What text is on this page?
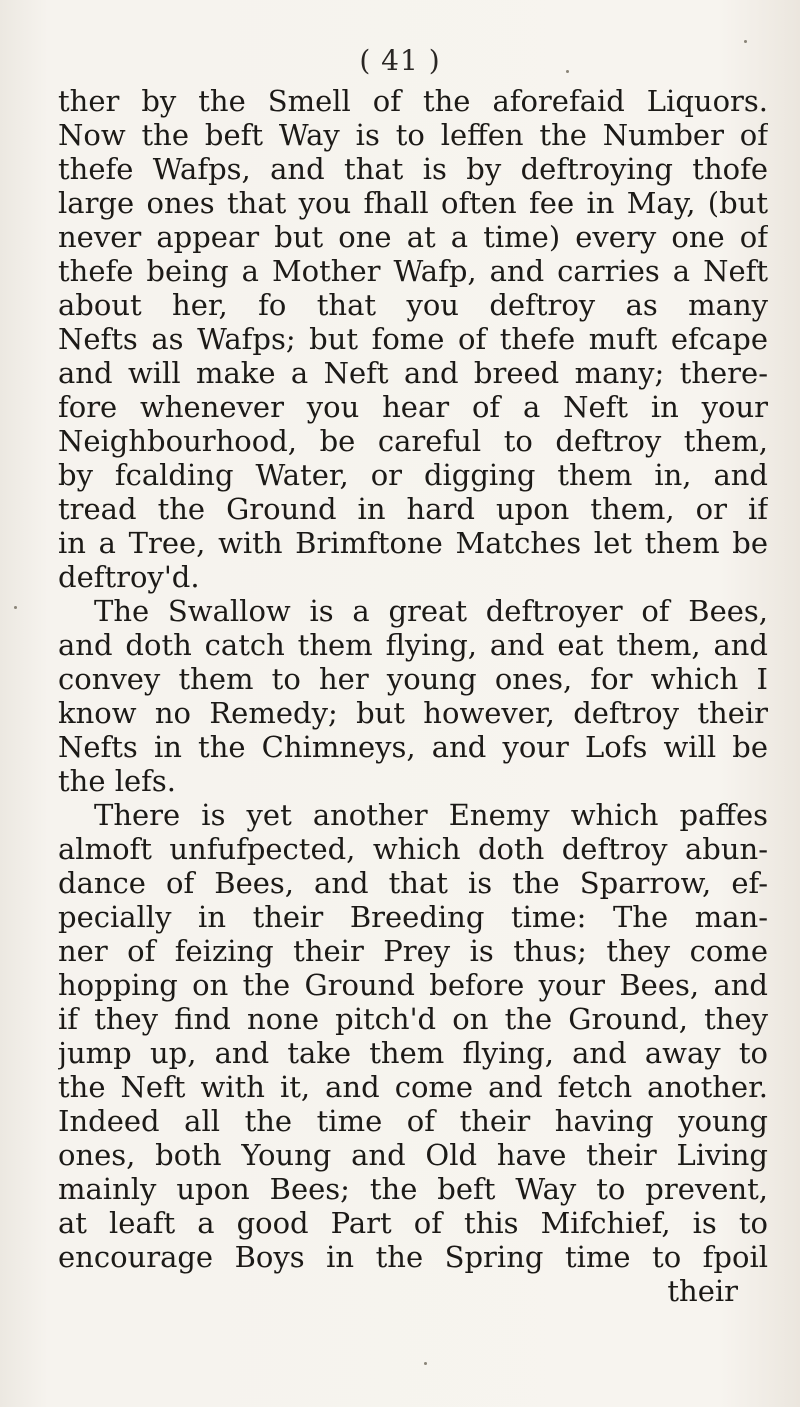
( 41 )
ther by the Smell of the aforefaid Liquors.
Now the beft Way is to leffen the Number of
thefe Wafps, and that is by deftroying thofe
large ones that you fhall often fee in May, (but
never appear but one at a time) every one of
thefe being a Mother Wafp, and carries a Neft
about her, fo that you deftroy as many
Nefts as Wafps; but fome of thefe muft efcape
and will make a Neft and breed many; there-
fore whenever you hear of a Neft in your
Neighbourhood, be careful to deftroy them,
by fcalding Water, or digging them in, and
tread the Ground in hard upon them, or if
in a Tree, with Brimftone Matches let them be
deftroy'd.
The Swallow is a great deftroyer of Bees,
and doth catch them flying, and eat them, and
convey them to her young ones, for which I
know no Remedy; but however, deftroy their
Nefts in the Chimneys, and your Lofs will be
the lefs.
There is yet another Enemy which paffes
almoft unfufpected, which doth deftroy abun-
dance of Bees, and that is the Sparrow, ef-
pecially in their Breeding time: The man-
ner of feizing their Prey is thus; they come
hopping on the Ground before your Bees, and
if they find none pitch'd on the Ground, they
jump up, and take them flying, and away to
the Neft with it, and come and fetch another.
Indeed all the time of their having young
ones, both Young and Old have their Living
mainly upon Bees; the beft Way to prevent,
at leaft a good Part of this Mifchief, is to
encourage Boys in the Spring time to fpoil
their
